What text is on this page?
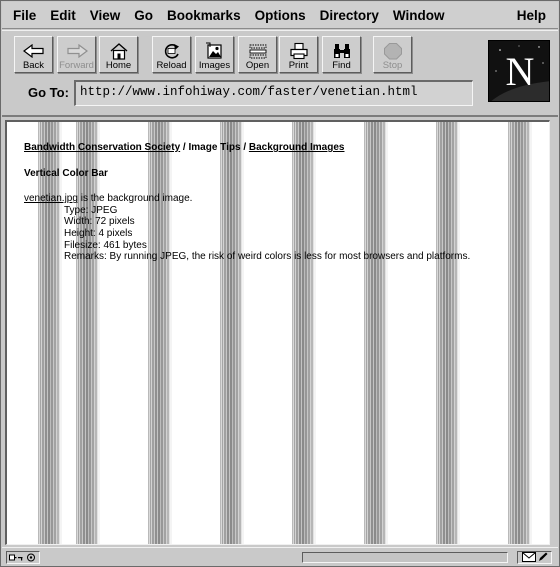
File	Edit	View	Go	Bookmarks	Options	Directory	Window	Help
Back Forward Home	Reload Images Open Print	Find	Stop	N
Go To: http://www.infohiway.com/faster/venetian.html
Bandwidth Conservation Society / Image Tips / Background Images
Vertical Color Bar
venetian.jpg is the background image.
Type: JPEG
Width: 72 pixels
Height: 4 pixels
Filesize: 461 bytes
Remarks: By running JPEG, the risk of weird colors is less for most browsers and platforms.
